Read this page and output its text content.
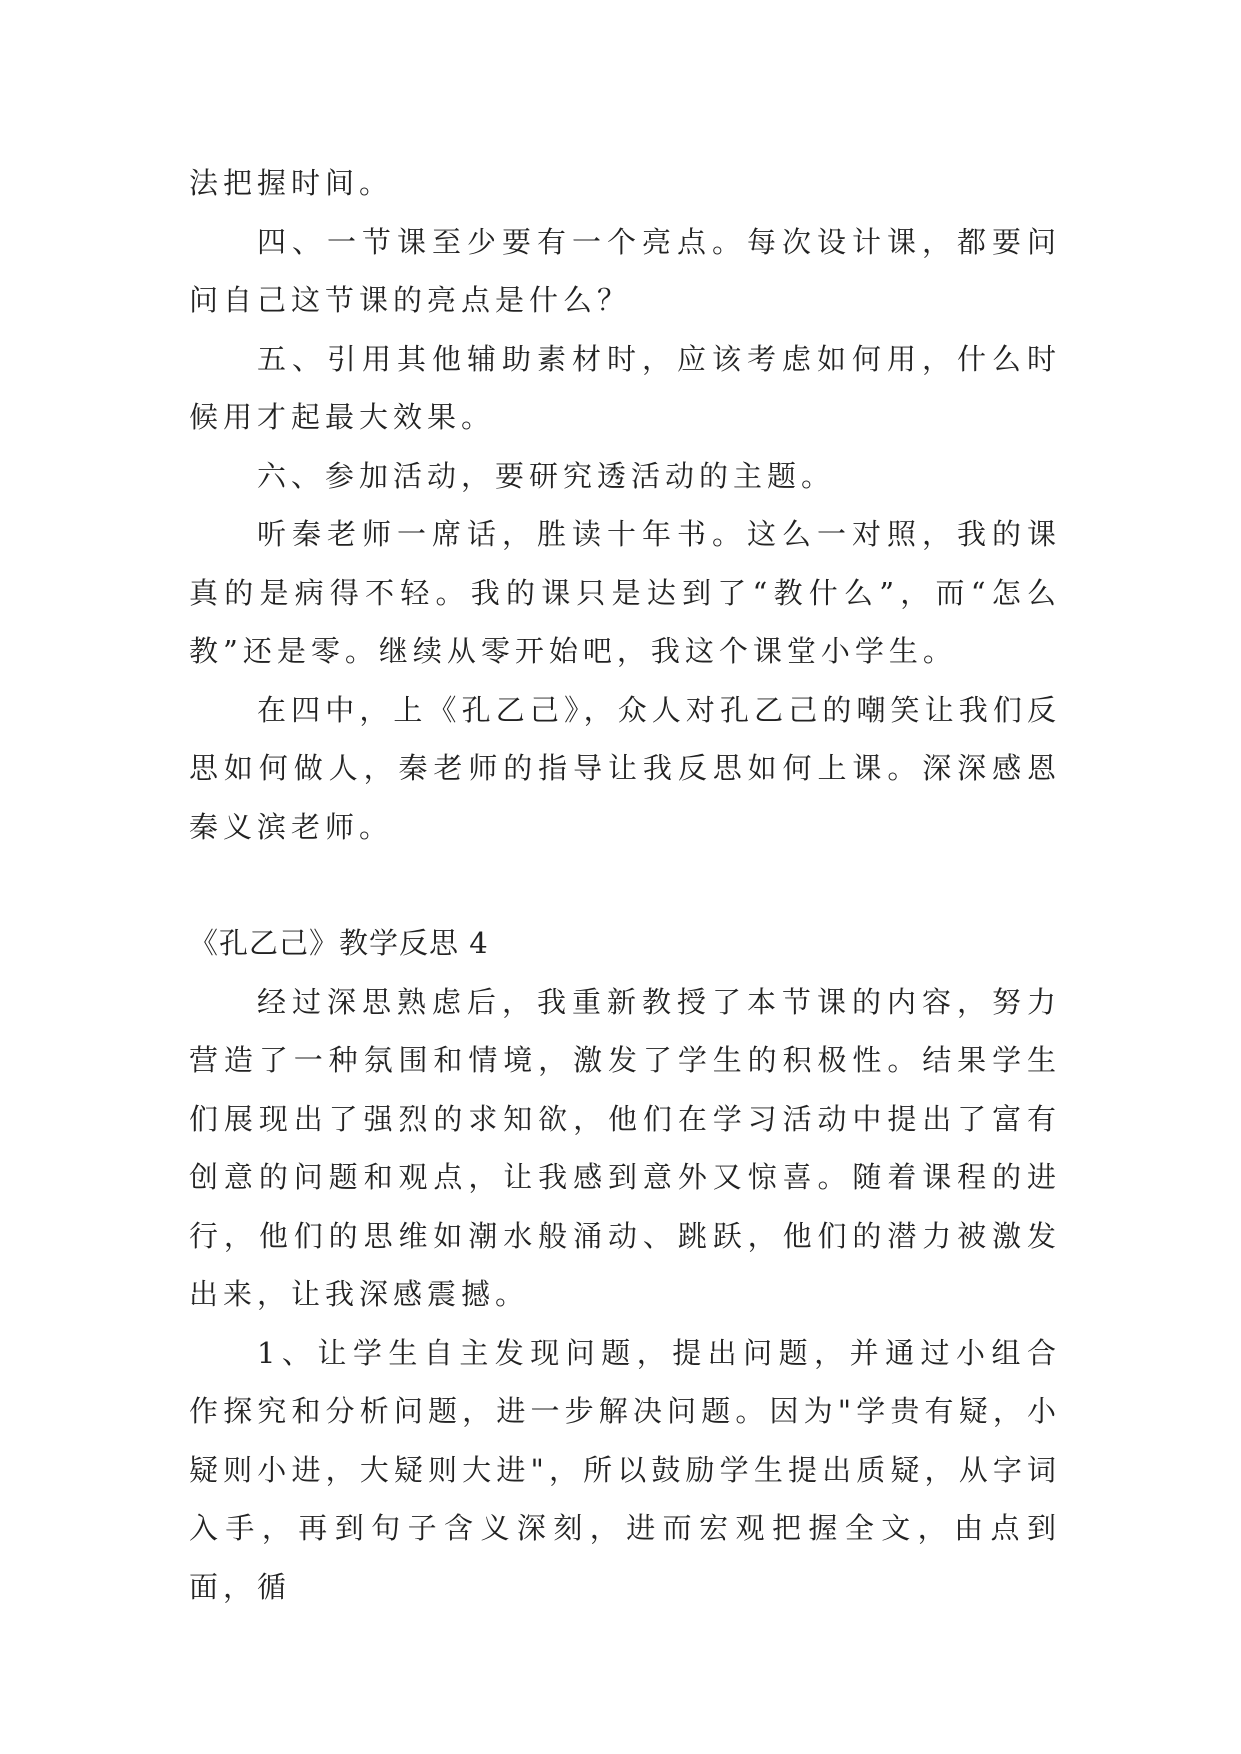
法把握时间。

四、一节课至少要有一个亮点。每次设计课，都要问问自己这节课的亮点是什么？

五、引用其他辅助素材时，应该考虑如何用，什么时候用才起最大效果。

六、参加活动，要研究透活动的主题。

听秦老师一席话，胜读十年书。这么一对照，我的课真的是病得不轻。我的课只是达到了“教什么”，而“怎么教”还是零。继续从零开始吧，我这个课堂小学生。

在四中，上《孔乙己》，众人对孔乙己的嘲笑让我们反思如何做人，秦老师的指导让我反思如何上课。深深感恩秦义滨老师。

《孔乙己》教学反思 4

经过深思熟虑后，我重新教授了本节课的内容，努力营造了一种氛围和情境，激发了学生的积极性。结果学生们展现出了强烈的求知欲，他们在学习活动中提出了富有创意的问题和观点，让我感到意外又惊喜。随着课程的进行，他们的思维如潮水般涌动、跳跃，他们的潜力被激发出来，让我深感震撼。

1、让学生自主发现问题，提出问题，并通过小组合作探究和分析问题，进一步解决问题。因为"学贵有疑，小疑则小进，大疑则大进"，所以鼓励学生提出质疑，从字词入手，再到句子含义深刻，进而宏观把握全文，由点到面，循
